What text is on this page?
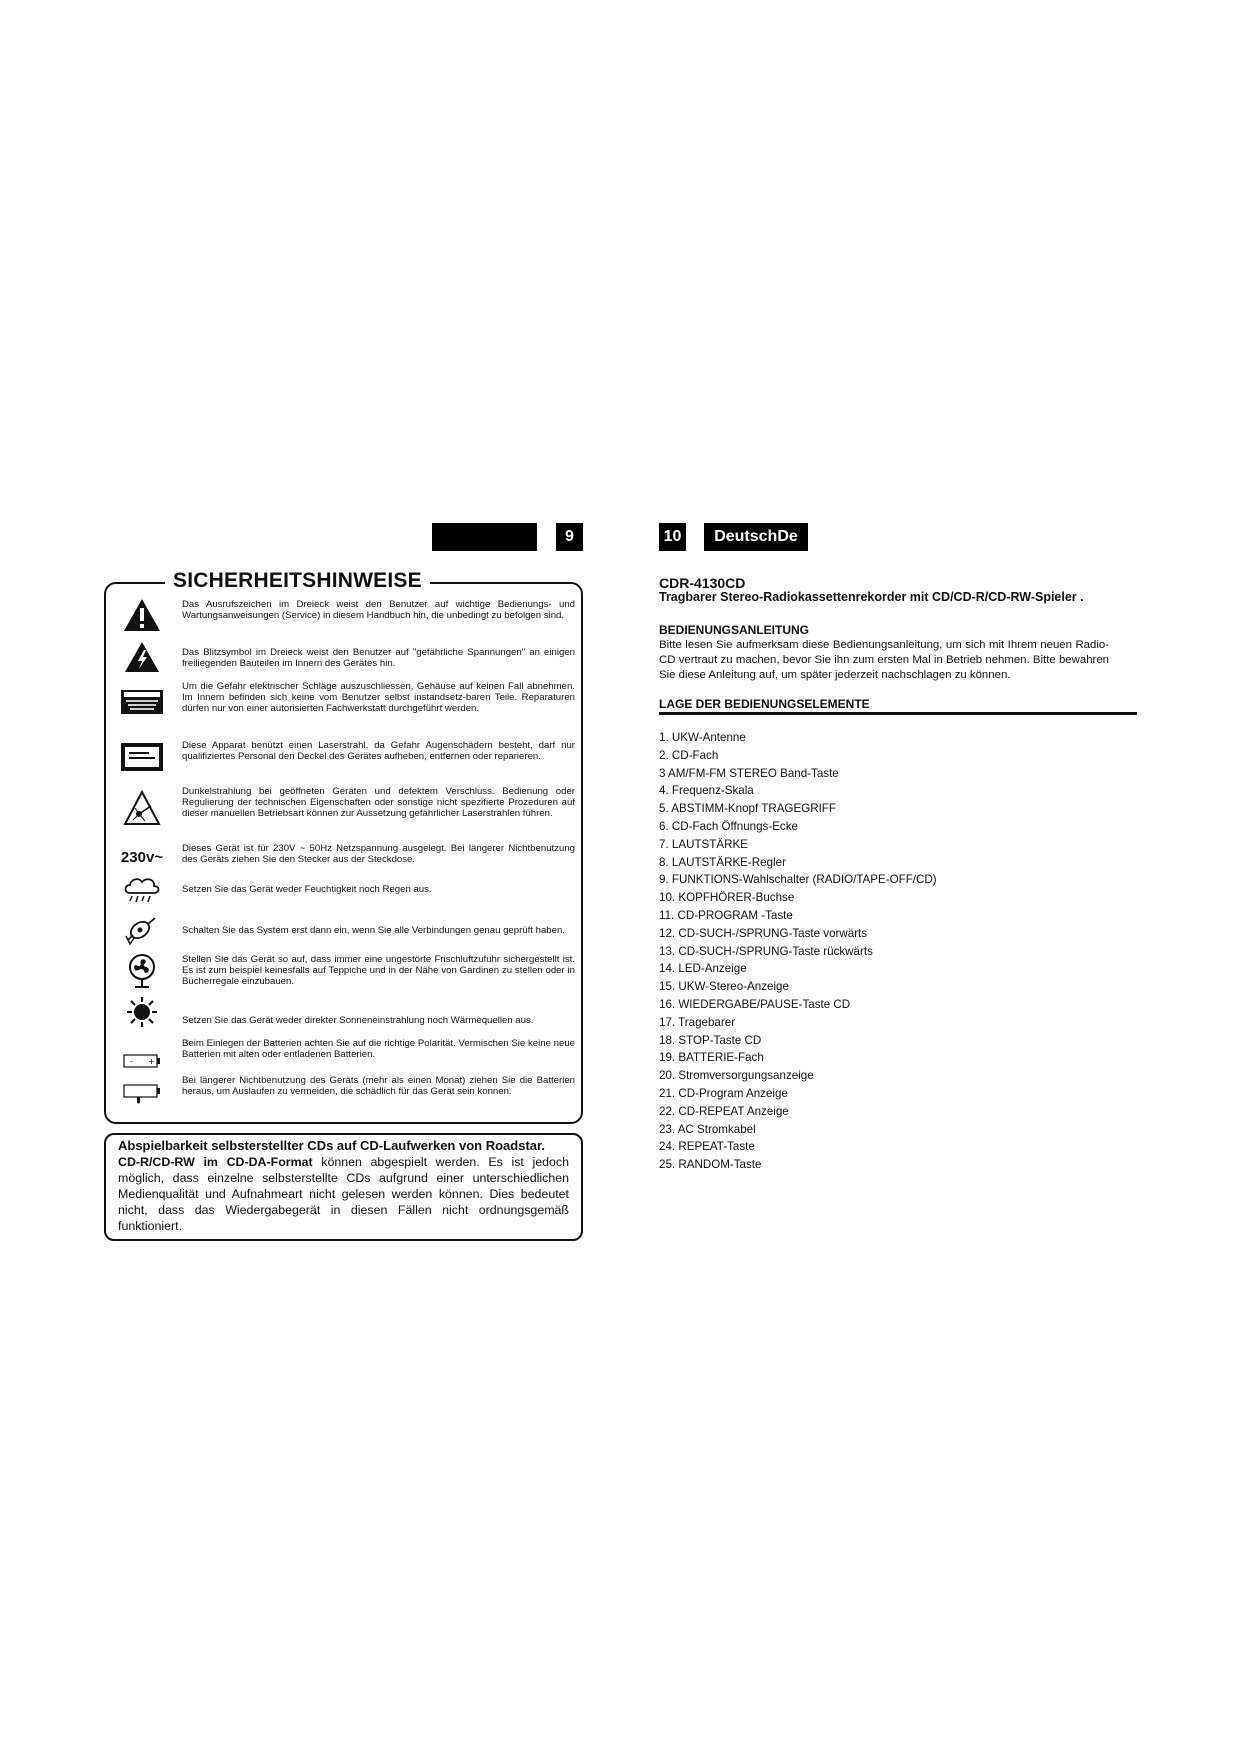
9	10	DeutschDe
SICHERHEITSHINWEISE
Das Ausrufszeichen im Dreieck weist den Benutzer auf wichtige Bedienungs- und Wartungsanweisungen (Service) in diesem Handbuch hin, die unbedingt zu befolgen sind.
Das Blitzsymbol im Dreieck weist den Benutzer auf "gefährliche Spannungen" an einigen freiliegenden Bauteilen im Innern des Gerätes hin.
Um die Gefahr elektrischer Schläge auszuschliessen, Gehäuse auf keinen Fall abnehmen. Im Innern befinden sich keine vom Benutzer selbst instandsetz-baren Teile. Reparaturen dürfen nur von einer autorisierten Fachwerkstatt durchgeführt werden.
Diese Apparat benützt einen Laserstrahl. da Gefahr Augenschädern besteht, darf nur qualifiziertes Personal den Deckel des Gerätes aufheben, entfernen oder reparieren.
Dunkelstrahlung bei geöffneten Geräten und defektem Verschluss. Bedienung oder Regulierung der technischen Eigenschaften oder sonstige nicht spezifierte Prozeduren auf dieser manuellen Betriebsart können zur Aussetzung gefährlicher Laserstrahlen führen.
230v~	Dieses Gerät ist für 230V ~ 50Hz Netzspannung ausgelegt. Bei längerer Nichtbenutzung des Geräts ziehen Sie den Stecker aus der Steckdose.
Setzen Sie das Gerät weder Feuchtigkeit noch Regen aus.
Schalten Sie das System erst dann ein, wenn Sie alle Verbindungen genau geprüft haben.
Stellen Sie das Gerät so auf, dass immer eine ungestörte Frischluftzufuhr sichergestellt ist. Es ist zum beispiel keinesfalls auf Teppiche und in der Nähe von Gardinen zu stellen oder in Bücherregale einzubauen.
Setzen Sie das Gerät weder direkter Sonneneinstrahlung noch Wärmequellen aus.
- +
Beim Einlegen der Batterien achten Sie auf die richtige Polarität. Vermischen Sie keine neue Batterien mit alten oder entladenen Batterien.
Bei längerer Nichtbenutzung des Geräts (mehr als einen Monat) ziehen Sie die Batterien heraus, um Auslaufen zu vermeiden, die schädlich für das Gerät sein konnen.
Abspielbarkeit selbsterstellter CDs auf CD-Laufwerken von Roadstar.
CD-R/CD-RW im CD-DA-Format können abgespielt werden. Es ist jedoch möglich, dass einzelne selbsterstellte CDs aufgrund einer unterschiedlichen Medienqualität und Aufnahmeart nicht gelesen werden können. Dies bedeutet nicht, dass das Wiedergabegerät in diesen Fällen nicht ordnungsgemäß funktioniert.
CDR-4130CD
Tragbarer Stereo-Radiokassettenrekorder mit CD/CD-R/CD-RW-Spieler .
BEDIENUNGSANLEITUNG
Bitte lesen Sie aufmerksam diese Bedienungsanleitung, um sich mit Ihrem neuen Radio-CD vertraut zu machen, bevor Sie ihn zum ersten Mal in Betrieb nehmen. Bitte bewahren Sie diese Anleitung auf, um später jederzeit nachschlagen zu können.
LAGE DER BEDIENUNGSELEMENTE
1. UKW-Antenne
2. CD-Fach
3 AM/FM-FM STEREO Band-Taste
4. Frequenz-Skala
5. ABSTIMM-Knopf TRAGEGRIFF
6. CD-Fach Öffnungs-Ecke
7. LAUTSTÄRKE
8. LAUTSTÄRKE-Regler
9. FUNKTIONS-Wahlschalter (RADIO/TAPE-OFF/CD)
10. KOPFHÖRER-Buchse
11. CD-PROGRAM -Taste
12. CD-SUCH-/SPRUNG-Taste vorwärts
13. CD-SUCH-/SPRUNG-Taste rückwärts
14. LED-Anzeige
15. UKW-Stereo-Anzeige
16. WIEDERGABE/PAUSE-Taste CD
17. Tragebarer
18. STOP-Taste CD
19. BATTERIE-Fach
20. Stromversorgungsanzeige
21. CD-Program Anzeige
22. CD-REPEAT Anzeige
23. AC Stromkabel
24. REPEAT-Taste
25. RANDOM-Taste
